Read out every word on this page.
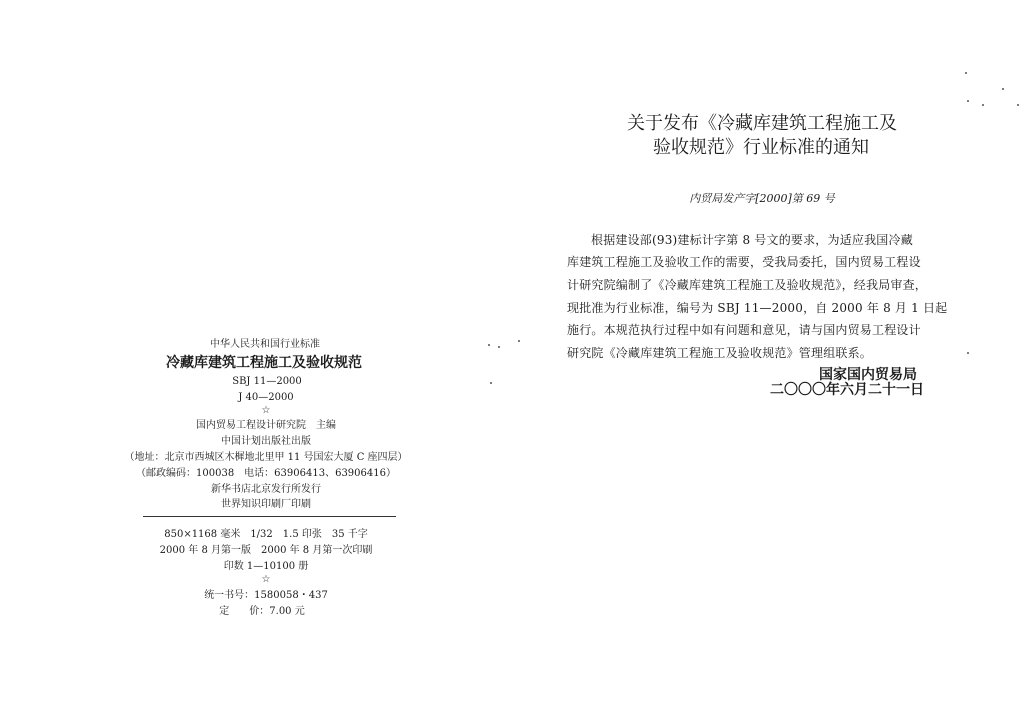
中华人民共和国行业标准
冷藏库建筑工程施工及验收规范
SBJ 11—2000
J 40—2000
☆
国内贸易工程设计研究院　主编
中国计划出版社出版
（地址：北京市西城区木樨地北里甲 11 号国宏大厦 C 座四层）
（邮政编码：100038　电话：63906413、63906416）
新华书店北京发行所发行
世界知识印刷厂印刷
850×1168 毫米　1/32　1.5 印张　35 千字
2000 年 8 月第一版　2000 年 8 月第一次印刷
印数 1—10100 册
☆
统一书号：1580058・437
定　　价：7.00 元
关于发布《冷藏库建筑工程施工及
验收规范》行业标准的通知
内贸局发产字[2000]第 69 号
根据建设部(93)建标计字第 8 号文的要求，为适应我国冷藏
库建筑工程施工及验收工作的需要，受我局委托，国内贸易工程设
计研究院编制了《冷藏库建筑工程施工及验收规范》，经我局审查，
现批准为行业标准，编号为 SBJ 11—2000，自 2000 年 8 月 1 日起
施行。本规范执行过程中如有问题和意见，请与国内贸易工程设计
研究院《冷藏库建筑工程施工及验收规范》管理组联系。
国家国内贸易局
二〇〇〇年六月二十一日
